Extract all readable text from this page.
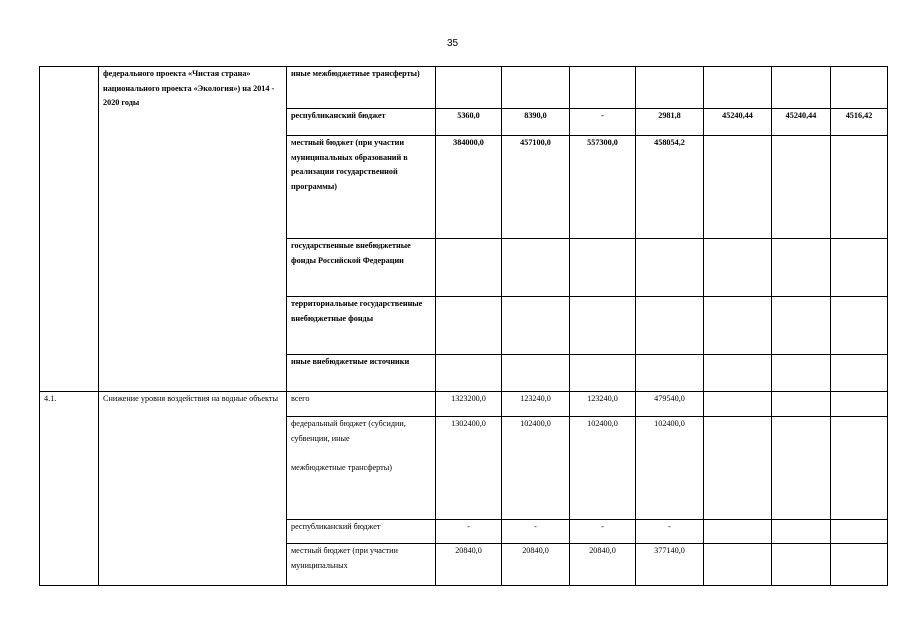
35
	федерального проекта «Чистая страна» национального проекта «Экология») на 2014 - 2020 годы	иные межбюджетные трансферты)							
		республиканский бюджет	5360,0	8390,0	-	2981,8	45240,44	45240,44	4516,42
		местный бюджет (при участии муниципальных образований в реализации государственной программы)	384000,0	457100,0	557300,0	458054,2			
		государственные внебюджетные фонды Российской Федерации							
		территориальные государственные внебюджетные фонды							
		иные внебюджетные источники							
4.1.	Снижение уровня воздействия на водные объекты	всего	1323200,0	123240,0	123240,0	479540,0			
		федеральный бюджет (субсидии, субвенции, иные

межбюджетные трансферты)	1302400,0	102400,0	102400,0	102400,0			
		республиканский бюджет	-	-	-	-			
		местный бюджет (при участии муниципальных	20840,0	20840,0	20840,0	377140,0			
